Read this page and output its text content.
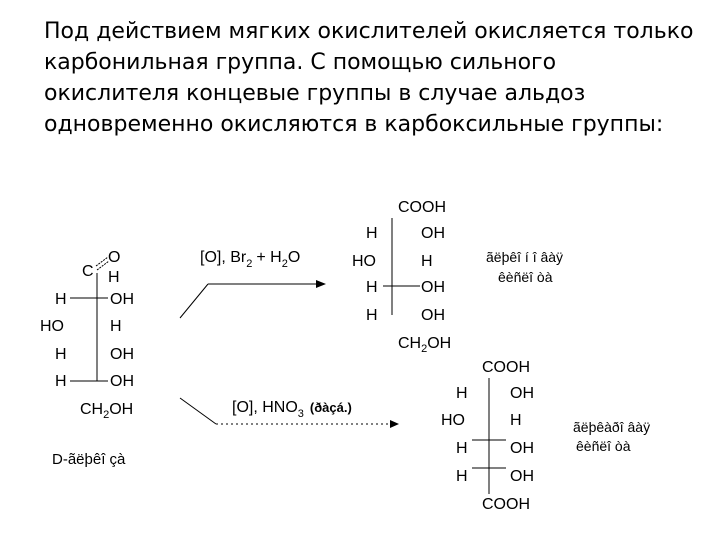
Под действием мягких окислителей окисляется только карбонильная группа. С помощью сильного окислителя концевые группы в случае альдоз одновременно окисляются в карбоксильные группы:

C
O
H
H	OH
HO	H
H	OH
H	OH
$CH_2OH$
D-ãëþêî çà
[O], $Br_2 + H_2O$
[O], $HNO_3$ $^{(ðàçá.)}$
COOH
H	OH
HO	H
H	OH
H	OH
$CH_2OH$
ãëþêî í î âàÿ
êèñëî òà
COOH
H	OH
HO	H
H	OH
H	OH
COOH
ãëþêàðî âàÿ
êèñëî òà
